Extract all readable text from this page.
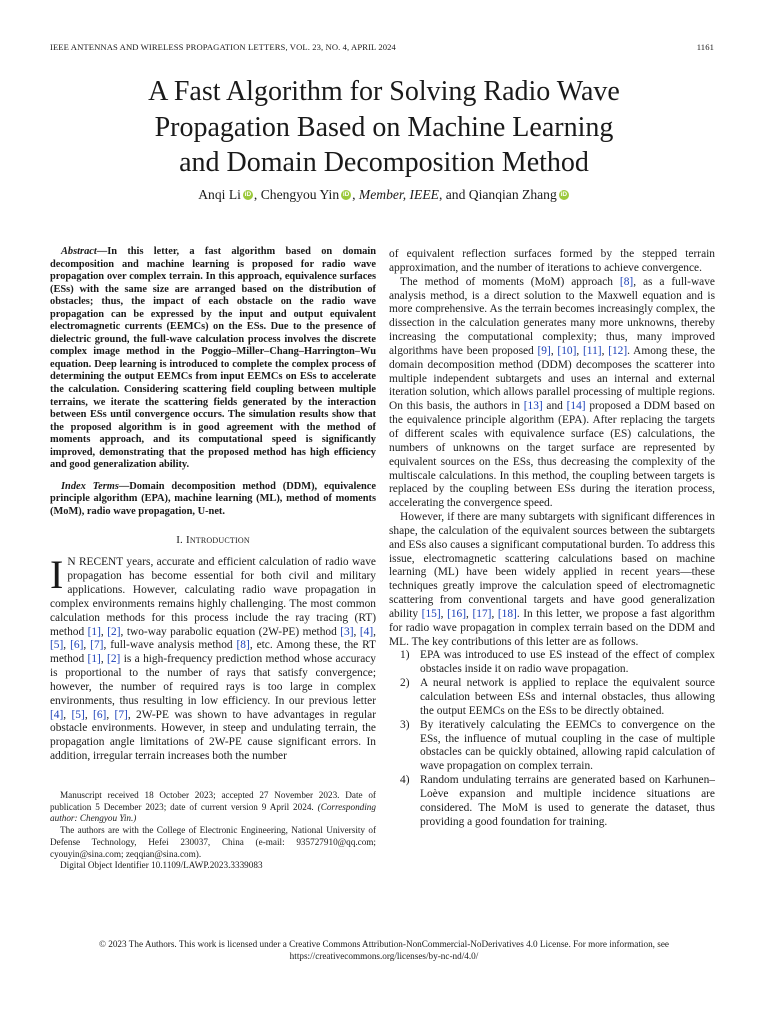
IEEE ANTENNAS AND WIRELESS PROPAGATION LETTERS, VOL. 23, NO. 4, APRIL 2024	1161
A Fast Algorithm for Solving Radio Wave
Propagation Based on Machine Learning
and Domain Decomposition Method
Anqi Li iD , Chengyou Yin iD , Member, IEEE, and Qianqian Zhang iD

Abstract—In this letter, a fast algorithm based on domain decomposition and machine learning is proposed for radio wave propagation over complex terrain. In this approach, equivalence surfaces (ESs) with the same size are arranged based on the distribution of obstacles; thus, the impact of each obstacle on the radio wave propagation can be expressed by the input and output equivalent electromagnetic currents (EEMCs) on the ESs. Due to the presence of dielectric ground, the full-wave calculation process involves the discrete complex image method in the Poggio–Miller–Chang–Harrington–Wu equation. Deep learning is introduced to complete the complex process of determining the output EEMCs from input EEMCs on ESs to accelerate the calculation. Considering scattering field coupling between multiple terrains, we iterate the scattering fields generated by the interaction between ESs until convergence occurs. The simulation results show that the proposed algorithm is in good agreement with the method of moments approach, and its computational speed is significantly improved, demonstrating that the proposed method has high efficiency and good generalization ability.

Index Terms—Domain decomposition method (DDM), equivalence principle algorithm (EPA), machine learning (ML), method of moments (MoM), radio wave propagation, U-net.

I. Introduction

I N RECENT years, accurate and efficient calculation of radio wave propagation has become essential for both civil and military applications. However, calculating radio wave propagation in complex environments remains highly challenging. The most common calculation methods for this process include the ray tracing (RT) method [1], [2], two-way parabolic equation (2W-PE) method [3], [4], [5], [6], [7], full-wave analysis method [8], etc. Among these, the RT method [1], [2] is a high-frequency prediction method whose accuracy is proportional to the number of rays that satisfy convergence; however, the number of required rays is too large in complex environments, thus resulting in low efficiency. In our previous letter [4], [5], [6], [7], 2W-PE was shown to have advantages in regular obstacle environments. However, in steep and undulating terrain, the propagation angle limitations of 2W-PE cause significant errors. In addition, irregular terrain increases both the number

Manuscript received 18 October 2023; accepted 27 November 2023. Date of publication 5 December 2023; date of current version 9 April 2024. (Corresponding author: Chengyou Yin.)

The authors are with the College of Electronic Engineering, National University of Defense Technology, Hefei 230037, China (e-mail: 935727910@qq.com; cyouyin@sina.com; zeqqian@sina.com).

Digital Object Identifier 10.1109/LAWP.2023.3339083

of equivalent reflection surfaces formed by the stepped terrain approximation, and the number of iterations to achieve convergence.

The method of moments (MoM) approach [8], as a full-wave analysis method, is a direct solution to the Maxwell equation and is more comprehensive. As the terrain becomes increasingly complex, the dissection in the calculation generates many more unknowns, thereby increasing the computational complexity; thus, many improved algorithms have been proposed [9], [10], [11], [12]. Among these, the domain decomposition method (DDM) decomposes the scatterer into multiple independent subtargets and uses an internal and external iteration solution, which allows parallel processing of multiple regions. On this basis, the authors in [13] and [14] proposed a DDM based on the equivalence principle algorithm (EPA). After replacing the targets of different scales with equivalence surface (ES) calculations, the numbers of unknowns on the target surface are represented by equivalent sources on the ESs, thus decreasing the complexity of the multiscale calculations. In this method, the coupling between targets is replaced by the coupling between ESs during the iteration process, accelerating the convergence speed.

However, if there are many subtargets with significant differences in shape, the calculation of the equivalent sources between the subtargets and ESs also causes a significant computational burden. To address this issue, electromagnetic scattering calculations based on machine learning (ML) have been widely applied in recent years—these techniques greatly improve the calculation speed of electromagnetic scattering from conventional targets and have good generalization ability [15], [16], [17], [18]. In this letter, we propose a fast algorithm for radio wave propagation in complex terrain based on the DDM and ML. The key contributions of this letter are as follows.

1) EPA was introduced to use ES instead of the effect of complex obstacles inside it on radio wave propagation.
2) A neural network is applied to replace the equivalent source calculation between ESs and internal obstacles, thus allowing the output EEMCs on the ESs to be directly obtained.
3) By iteratively calculating the EEMCs to convergence on the ESs, the influence of mutual coupling in the case of multiple obstacles can be quickly obtained, allowing rapid calculation of wave propagation on complex terrain.
4) Random undulating terrains are generated based on Karhunen–Loève expansion and multiple incidence situations are considered. The MoM is used to generate the dataset, thus providing a good foundation for training.
© 2023 The Authors. This work is licensed under a Creative Commons Attribution-NonCommercial-NoDerivatives 4.0 License. For more information, see
https://creativecommons.org/licenses/by-nc-nd/4.0/
